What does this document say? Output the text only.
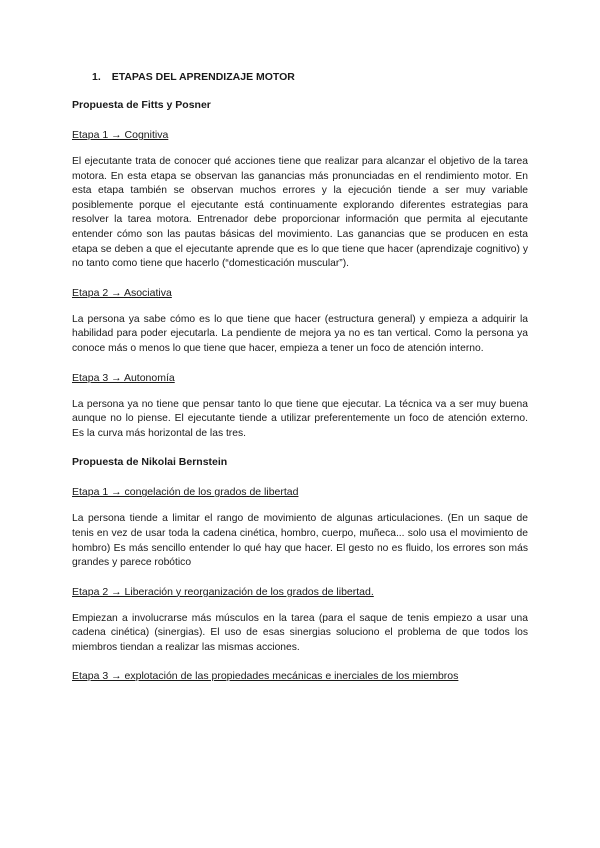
1. ETAPAS DEL APRENDIZAJE MOTOR
Propuesta de Fitts y Posner
Etapa 1 → Cognitiva

El ejecutante trata de conocer qué acciones tiene que realizar para alcanzar el objetivo de la tarea motora. En esta etapa se observan las ganancias más pronunciadas en el rendimiento motor. En esta etapa también se observan muchos errores y la ejecución tiende a ser muy variable posiblemente porque el ejecutante está continuamente explorando diferentes estrategias para resolver la tarea motora. Entrenador debe proporcionar información que permita al ejecutante entender cómo son las pautas básicas del movimiento. Las ganancias que se producen en esta etapa se deben a que el ejecutante aprende que es lo que tiene que hacer (aprendizaje cognitivo) y no tanto como tiene que hacerlo (“domesticación muscular”).

Etapa 2 → Asociativa

La persona ya sabe cómo es lo que tiene que hacer (estructura general) y empieza a adquirir la habilidad para poder ejecutarla. La pendiente de mejora ya no es tan vertical. Como la persona ya conoce más o menos lo que tiene que hacer, empieza a tener un foco de atención interno.

Etapa 3 → Autonomía

La persona ya no tiene que pensar tanto lo que tiene que ejecutar. La técnica va a ser muy buena aunque no lo piense. El ejecutante tiende a utilizar preferentemente un foco de atención externo. Es la curva más horizontal de las tres.

Propuesta de Nikolai Bernstein
Etapa 1 → congelación de los grados de libertad

La persona tiende a limitar el rango de movimiento de algunas articulaciones. (En un saque de tenis en vez de usar toda la cadena cinética, hombro, cuerpo, muñeca... solo usa el movimiento de hombro) Es más sencillo entender lo qué hay que hacer. El gesto no es fluido, los errores son más grandes y parece robótico

Etapa 2 → Liberación y reorganización de los grados de libertad.

Empiezan a involucrarse más músculos en la tarea (para el saque de tenis empiezo a usar una cadena cinética) (sinergias). El uso de esas sinergias soluciono el problema de que todos los miembros tiendan a realizar las mismas acciones.

Etapa 3 → explotación de las propiedades mecánicas e inerciales de los miembros
